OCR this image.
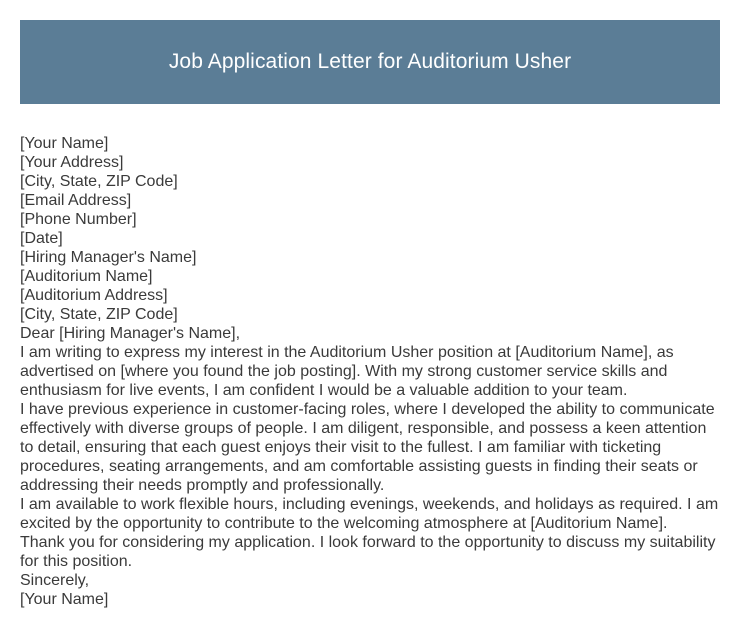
Job Application Letter for Auditorium Usher

[Your Name]

[Your Address]

[City, State, ZIP Code]

[Email Address]

[Phone Number]

[Date]

[Hiring Manager's Name]

[Auditorium Name]

[Auditorium Address]

[City, State, ZIP Code]

Dear [Hiring Manager's Name],

I am writing to express my interest in the Auditorium Usher position at [Auditorium Name], as advertised on [where you found the job posting]. With my strong customer service skills and enthusiasm for live events, I am confident I would be a valuable addition to your team.

I have previous experience in customer-facing roles, where I developed the ability to communicate effectively with diverse groups of people. I am diligent, responsible, and possess a keen attention to detail, ensuring that each guest enjoys their visit to the fullest. I am familiar with ticketing procedures, seating arrangements, and am comfortable assisting guests in finding their seats or addressing their needs promptly and professionally.

I am available to work flexible hours, including evenings, weekends, and holidays as required. I am excited by the opportunity to contribute to the welcoming atmosphere at [Auditorium Name].

Thank you for considering my application. I look forward to the opportunity to discuss my suitability for this position.

Sincerely,

[Your Name]
